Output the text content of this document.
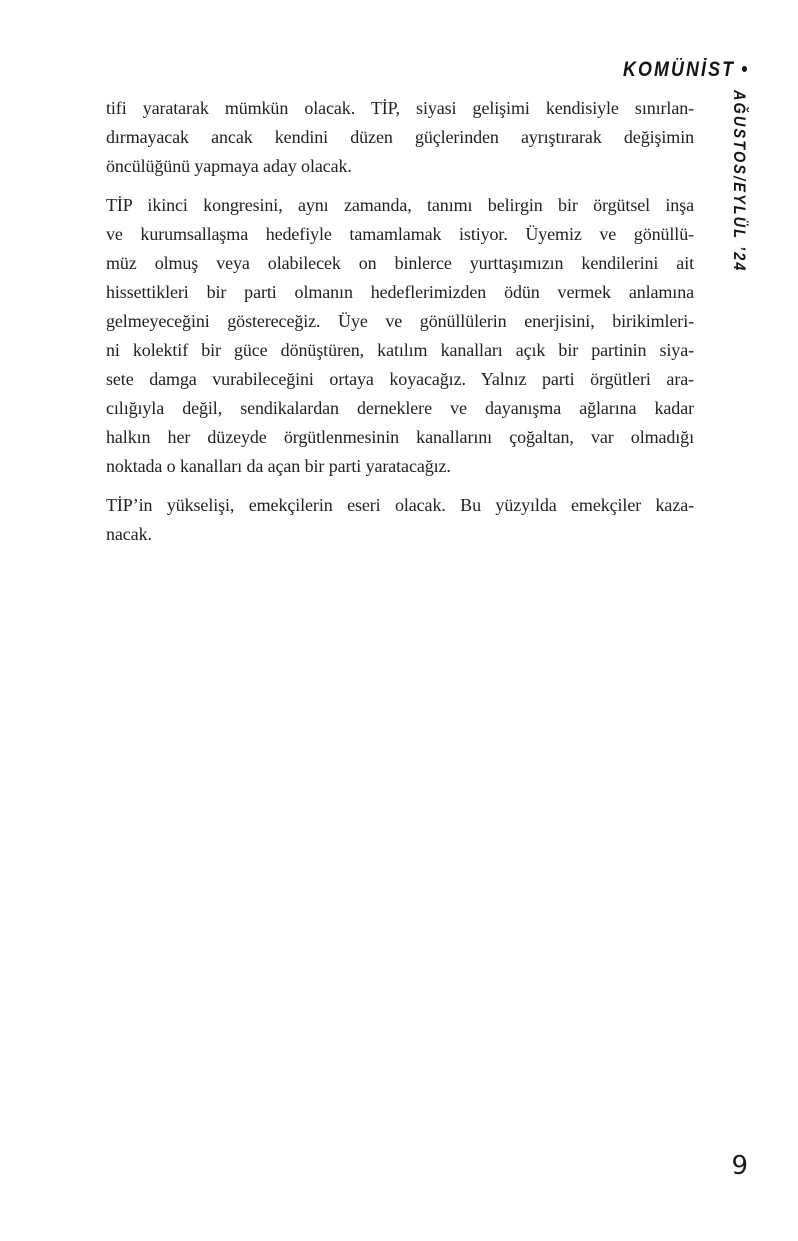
KOMÜNİST •
AĞUSTOS/EYLÜL ’24

tifi yaratarak mümkün olacak. TİP, siyasi gelişimi kendisiyle sınırlan-
dırmayacak ancak kendini düzen güçlerinden ayrıştırarak değişimin
öncülüğünü yapmaya aday olacak.

TİP ikinci kongresini, aynı zamanda, tanımı belirgin bir örgütsel inşa
ve kurumsallaşma hedefiyle tamamlamak istiyor. Üyemiz ve gönüllü-
müz olmuş veya olabilecek on binlerce yurttaşımızın kendilerini ait
hissettikleri bir parti olmanın hedeflerimizden ödün vermek anlamına
gelmeyeceğini göstereceğiz. Üye ve gönüllülerin enerjisini, birikimleri-
ni kolektif bir güce dönüştüren, katılım kanalları açık bir partinin siya-
sete damga vurabileceğini ortaya koyacağız. Yalnız parti örgütleri ara-
cılığıyla değil, sendikalardan derneklere ve dayanışma ağlarına kadar
halkın her düzeyde örgütlenmesinin kanallarını çoğaltan, var olmadığı
noktada o kanalları da açan bir parti yaratacağız.

TİP’in yükselişi, emekçilerin eseri olacak. Bu yüzyılda emekçiler kaza-
nacak.

9
